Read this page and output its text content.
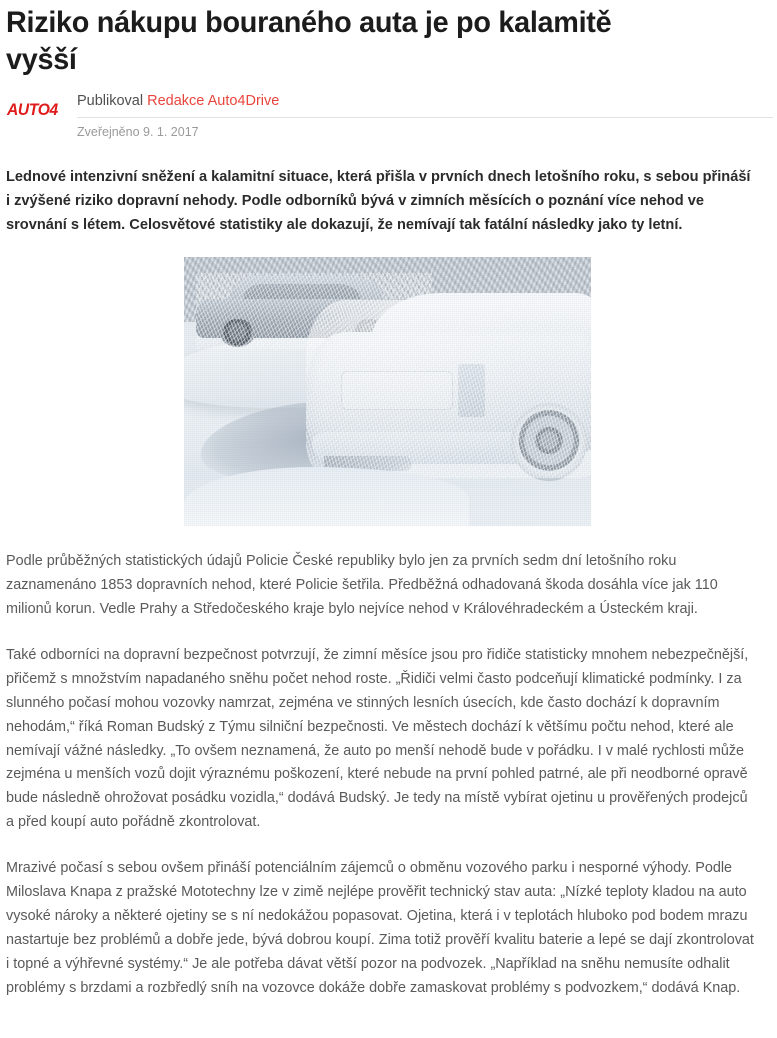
Riziko nákupu bouraného auta je po kalamitě vyšší
AUTO4	Publikoval Redakce Auto4Drive
Zveřejněno 9. 1. 2017

Lednové intenzivní sněžení a kalamitní situace, která přišla v prvních dnech letošního roku, s sebou přináší i zvýšené riziko dopravní nehody. Podle odborníků bývá v zimních měsících o poznání více nehod ve srovnání s létem. Celosvětové statistiky ale dokazují, že nemívají tak fatální následky jako ty letní.

Podle průběžných statistických údajů Policie České republiky bylo jen za prvních sedm dní letošního roku zaznamenáno 1853 dopravních nehod, které Policie šetřila. Předběžná odhadovaná škoda dosáhla více jak 110 milionů korun. Vedle Prahy a Středočeského kraje bylo nejvíce nehod v Královéhradeckém a Ústeckém kraji.

Také odborníci na dopravní bezpečnost potvrzují, že zimní měsíce jsou pro řidiče statisticky mnohem nebezpečnější, přičemž s množstvím napadaného sněhu počet nehod roste. „Řidiči velmi často podceňují klimatické podmínky. I za slunného počasí mohou vozovky namrzat, zejména ve stinných lesních úsecích, kde často dochází k dopravním nehodám,“ říká Roman Budský z Týmu silniční bezpečnosti. Ve městech dochází k většímu počtu nehod, které ale nemívají vážné následky. „To ovšem neznamená, že auto po menší nehodě bude v pořádku. I v malé rychlosti může zejména u menších vozů dojit výraznému poškození, které nebude na první pohled patrné, ale při neodborné opravě bude následně ohrožovat posádku vozidla,“ dodává Budský. Je tedy na místě vybírat ojetinu u prověřených prodejců a před koupí auto pořádně zkontrolovat.

Mrazivé počasí s sebou ovšem přináší potenciálním zájemců o obměnu vozového parku i nesporné výhody. Podle Miloslava Knapa z pražské Mototechny lze v zimě nejlépe prověřit technický stav auta: „Nízké teploty kladou na auto vysoké nároky a některé ojetiny se s ní nedokážou popasovat. Ojetina, která i v teplotách hluboko pod bodem mrazu nastartuje bez problémů a dobře jede, bývá dobrou koupí. Zima totiž prověří kvalitu baterie a lepé se dají zkontrolovat i topné a výhřevné systémy.“ Je ale potřeba dávat větší pozor na podvozek. „Například na sněhu nemusíte odhalit problémy s brzdami a rozbředlý sníh na vozovce dokáže dobře zamaskovat problémy s podvozkem,“ dodává Knap.
